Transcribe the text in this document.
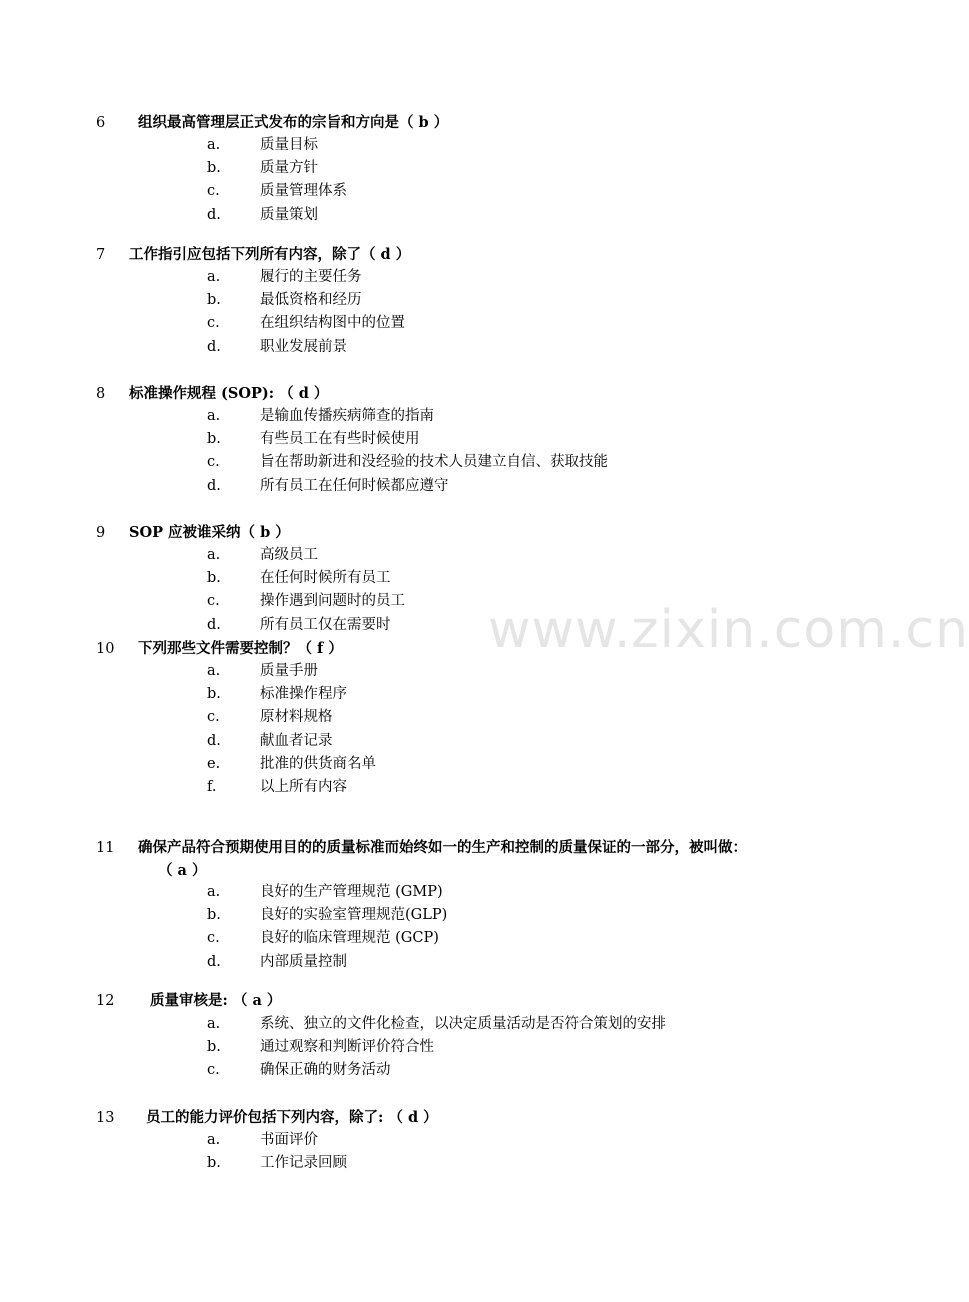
6 组织最高管理层正式发布的宗旨和方向是（ b ）
a.	质量目标
b.	质量方针
c.	质量管理体系
d.	质量策划
7 工作指引应包括下列所有内容，除了（ d ）
a.	履行的主要任务
b.	最低资格和经历
c.	在组织结构图中的位置
d.	职业发展前景
8 标准操作规程 (SOP): （ d ）
a.	是输血传播疾病筛查的指南
b.	有些员工在有些时候使用
c.	旨在帮助新进和没经验的技术人员建立自信、获取技能
d.	所有员工在任何时候都应遵守
9 SOP 应被谁采纳（ b ）
a.	高级员工
b.	在任何时候所有员工
c.	操作遇到问题时的员工
d.	所有员工仅在需要时
10 下列那些文件需要控制？（ f ）
a.	质量手册
b.	标准操作程序
c.	原材料规格
d.	献血者记录
e.	批准的供货商名单
f.	以上所有内容
11 确保产品符合预期使用目的的质量标准而始终如一的生产和控制的质量保证的一部分，被叫做：
（ a ）
a.	良好的生产管理规范 (GMP)
b.	良好的实验室管理规范(GLP)
c.	良好的临床管理规范 (GCP)
d.	内部质量控制
12 质量审核是: （ a ）
a.	系统、独立的文件化检查，以决定质量活动是否符合策划的安排
b.	通过观察和判断评价符合性
c.	确保正确的财务活动
13 员工的能力评价包括下列内容，除了: （ d ）
a.	书面评价
b.	工作记录回顾
www.zixin.com.cn
